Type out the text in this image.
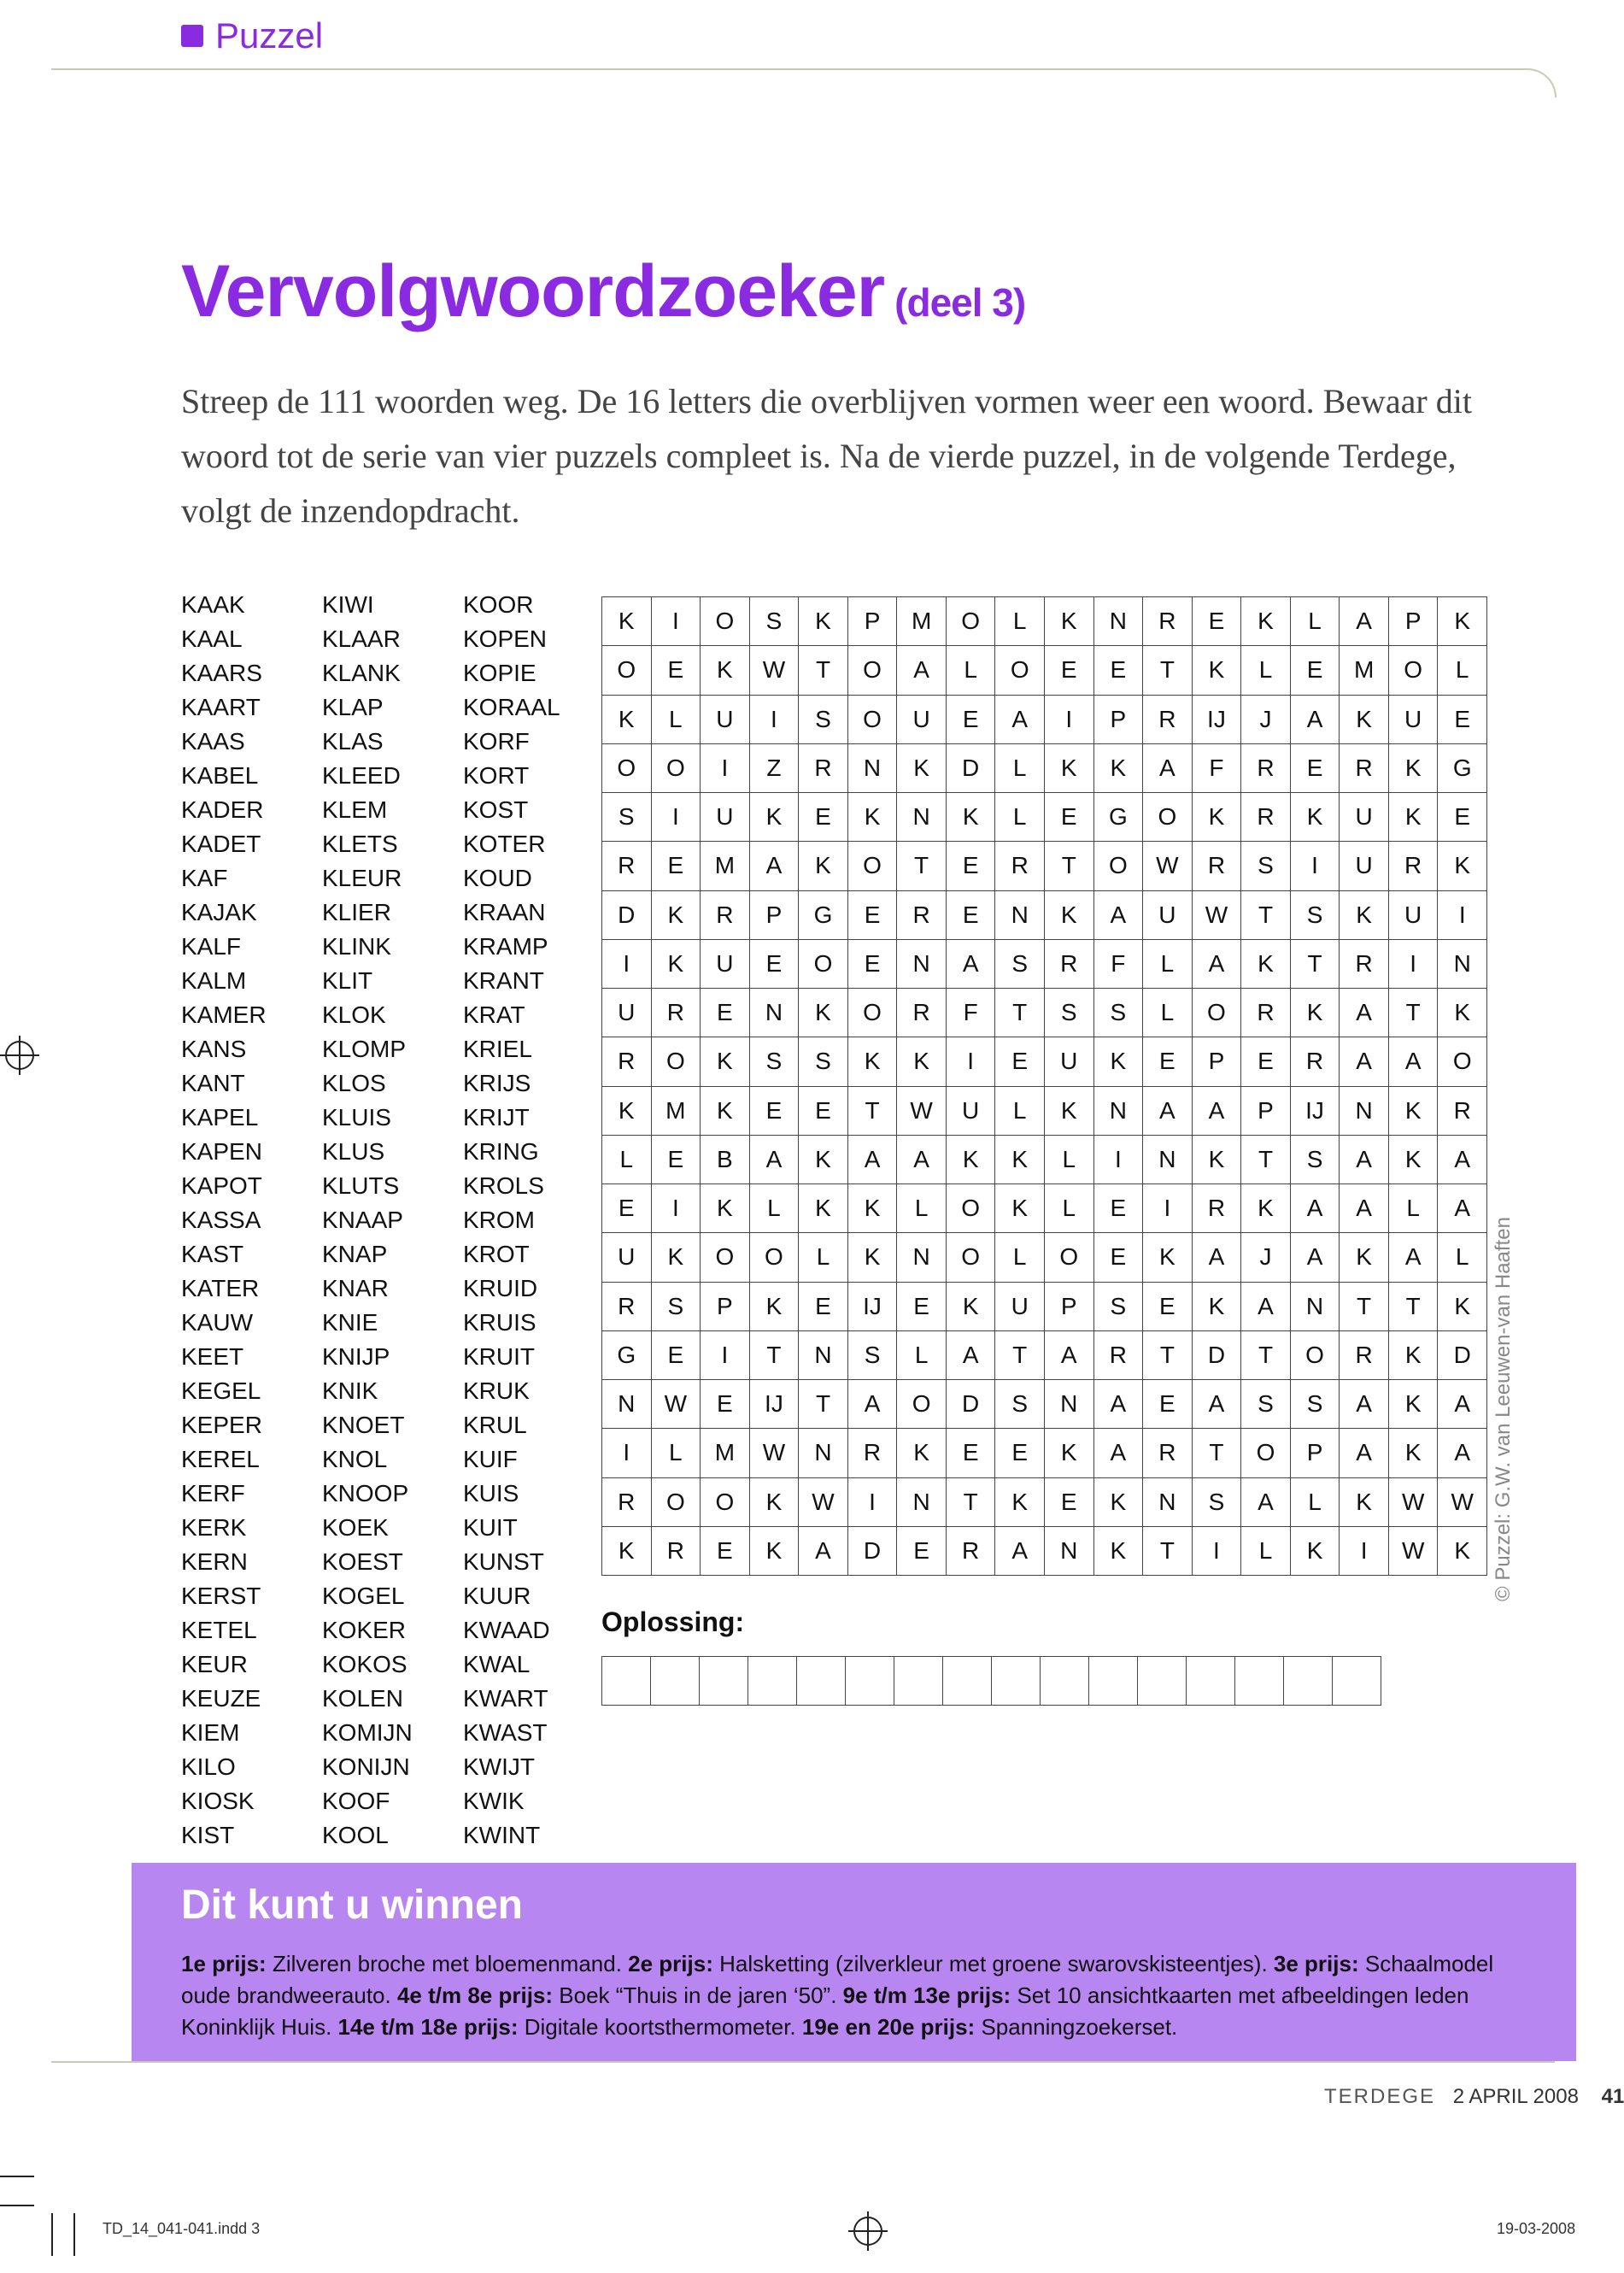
Puzzel
Vervolgwoordzoeker (deel 3)
Streep de 111 woorden weg. De 16 letters die overblijven vormen weer een woord. Bewaar dit woord tot de serie van vier puzzels compleet is. Na de vierde puzzel, in de volgende Terdege, volgt de inzendopdracht.
KAAK
KAAL
KAARS
KAART
KAAS
KABEL
KADER
KADET
KAF
KAJAK
KALF
KALM
KAMER
KANS
KANT
KAPEL
KAPEN
KAPOT
KASSA
KAST
KATER
KAUW
KEET
KEGEL
KEPER
KEREL
KERF
KERK
KERN
KERST
KETEL
KEUR
KEUZE
KIEM
KILO
KIOSK
KIST
KIWI
KLAAR
KLANK
KLAP
KLAS
KLEED
KLEM
KLETS
KLEUR
KLIER
KLINK
KLIT
KLOK
KLOMP
KLOS
KLUIS
KLUS
KLUTS
KNAAP
KNAP
KNAR
KNIE
KNIJP
KNIK
KNOET
KNOL
KNOOP
KOEK
KOEST
KOGEL
KOKER
KOKOS
KOLEN
KOMIJN
KONIJN
KOOF
KOOL
KOOR
KOPEN
KOPIE
KORAAL
KORF
KORT
KOST
KOTER
KOUD
KRAAN
KRAMP
KRANT
KRAT
KRIEL
KRIJS
KRIJT
KRING
KROLS
KROM
KROT
KRUID
KRUIS
KRUIT
KRUK
KRUL
KUIF
KUIS
KUIT
KUNST
KUUR
KWAAD
KWAL
KWART
KWAST
KWIJT
KWIK
KWINT
K	I	O	S	K	P	M	O	L	K	N	R	E	K	L	A	P	K
O	E	K	W	T	O	A	L	O	E	E	T	K	L	E	M	O	L
K	L	U	I	S	O	U	E	A	I	P	R	IJ	J	A	K	U	E
O	O	I	Z	R	N	K	D	L	K	K	A	F	R	E	R	K	G
S	I	U	K	E	K	N	K	L	E	G	O	K	R	K	U	K	E
R	E	M	A	K	O	T	E	R	T	O	W	R	S	I	U	R	K
D	K	R	P	G	E	R	E	N	K	A	U	W	T	S	K	U	I
I	K	U	E	O	E	N	A	S	R	F	L	A	K	T	R	I	N
U	R	E	N	K	O	R	F	T	S	S	L	O	R	K	A	T	K
R	O	K	S	S	K	K	I	E	U	K	E	P	E	R	A	A	O
K	M	K	E	E	T	W	U	L	K	N	A	A	P	IJ	N	K	R
L	E	B	A	K	A	A	K	K	L	I	N	K	T	S	A	K	A
E	I	K	L	K	K	L	O	K	L	E	I	R	K	A	A	L	A
U	K	O	O	L	K	N	O	L	O	E	K	A	J	A	K	A	L
R	S	P	K	E	IJ	E	K	U	P	S	E	K	A	N	T	T	K
G	E	I	T	N	S	L	A	T	A	R	T	D	T	O	R	K	D
N	W	E	IJ	T	A	O	D	S	N	A	E	A	S	S	A	K	A
I	L	M	W	N	R	K	E	E	K	A	R	T	O	P	A	K	A
R	O	O	K	W	I	N	T	K	E	K	N	S	A	L	K	W	W
K	R	E	K	A	D	E	R	A	N	K	T	I	L	K	I	W	K
Oplossing:
© Puzzel: G.W. van Leeuwen-van Haaften
Dit kunt u winnen
1e prijs: Zilveren broche met bloemenmand. 2e prijs: Halsketting (zilverkleur met groene swarovskisteentjes). 3e prijs: Schaalmodel oude brandweerauto. 4e t/m 8e prijs: Boek “Thuis in de jaren ‘50”. 9e t/m 13e prijs: Set 10 ansichtkaarten met afbeeldingen leden Koninklijk Huis. 14e t/m 18e prijs: Digitale koortsthermometer. 19e en 20e prijs: Spanningzoekerset.
TERDEGE 2 APRIL 2008 41
TD_14_041-041.indd 3	19-03-2008
